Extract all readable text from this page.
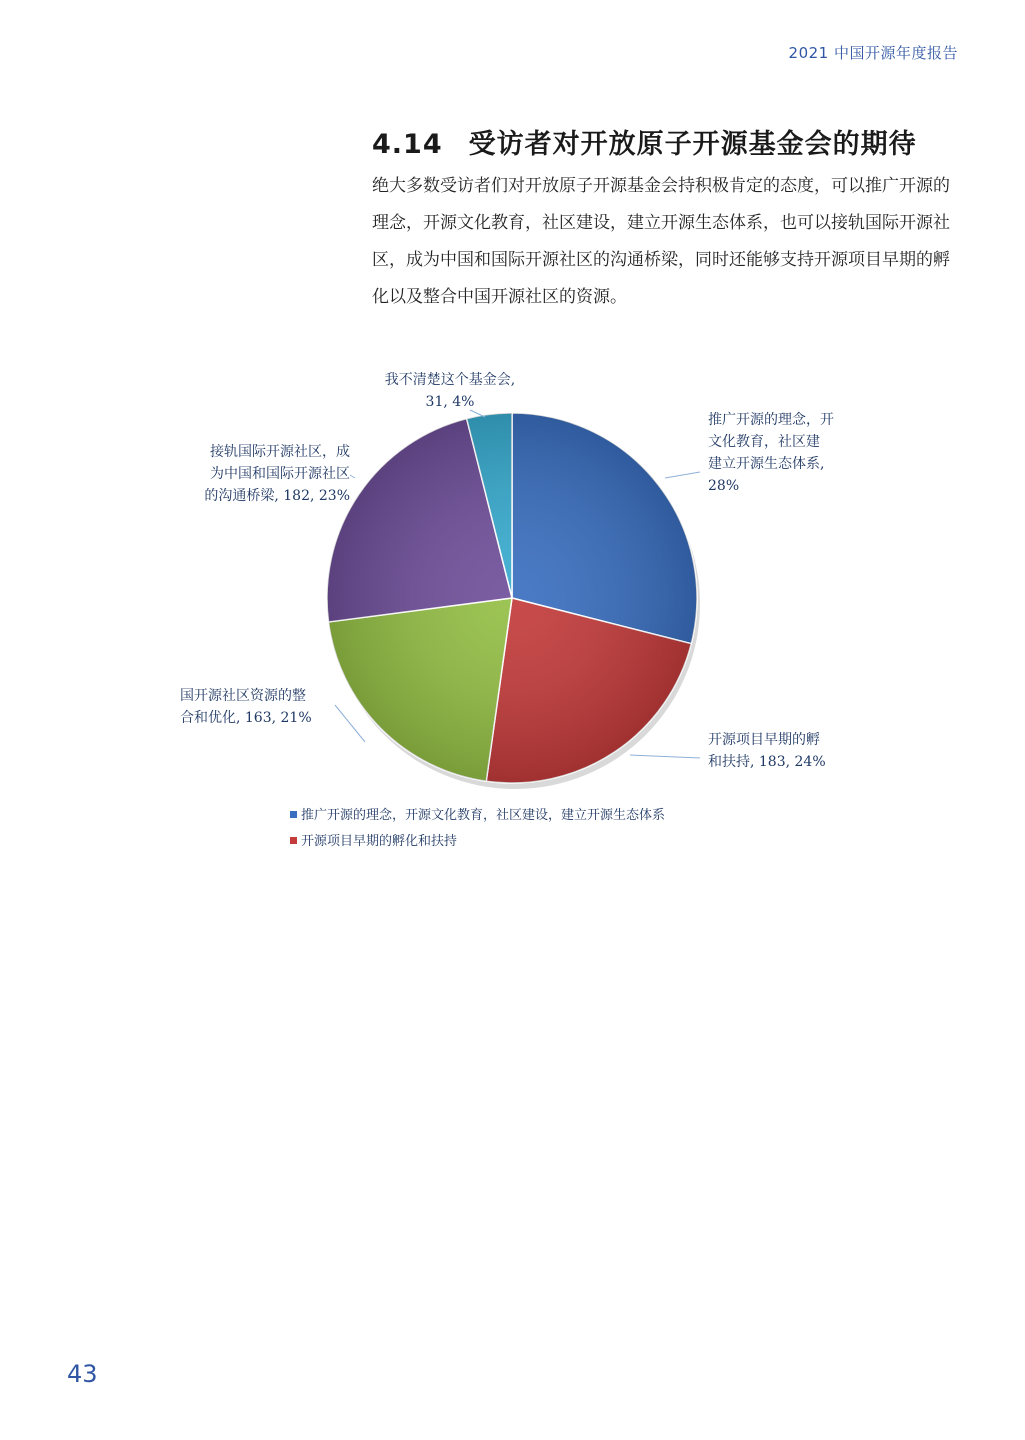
2021 中国开源年度报告
4.14 受访者对开放原子开源基金会的期待

绝大多数受访者们对开放原子开源基金会持积极肯定的态度，可以推广开源的理念，开源文化教育，社区建设，建立开源生态体系，也可以接轨国际开源社区，成为中国和国际开源社区的沟通桥梁，同时还能够支持开源项目早期的孵化以及整合中国开源社区的资源。

推广开源的理念，开
文化教育，社区建
建立开源生态体系,
28%
开源项目早期的孵
和扶持, 183, 24%
国开源社区资源的整
合和优化, 163, 21%
接轨国际开源社区，成
为中国和国际开源社区
的沟通桥梁, 182, 23%
我不清楚这个基金会,
31, 4%
推广开源的理念，开源文化教育，社区建设，建立开源生态体系
开源项目早期的孵化和扶持
43
